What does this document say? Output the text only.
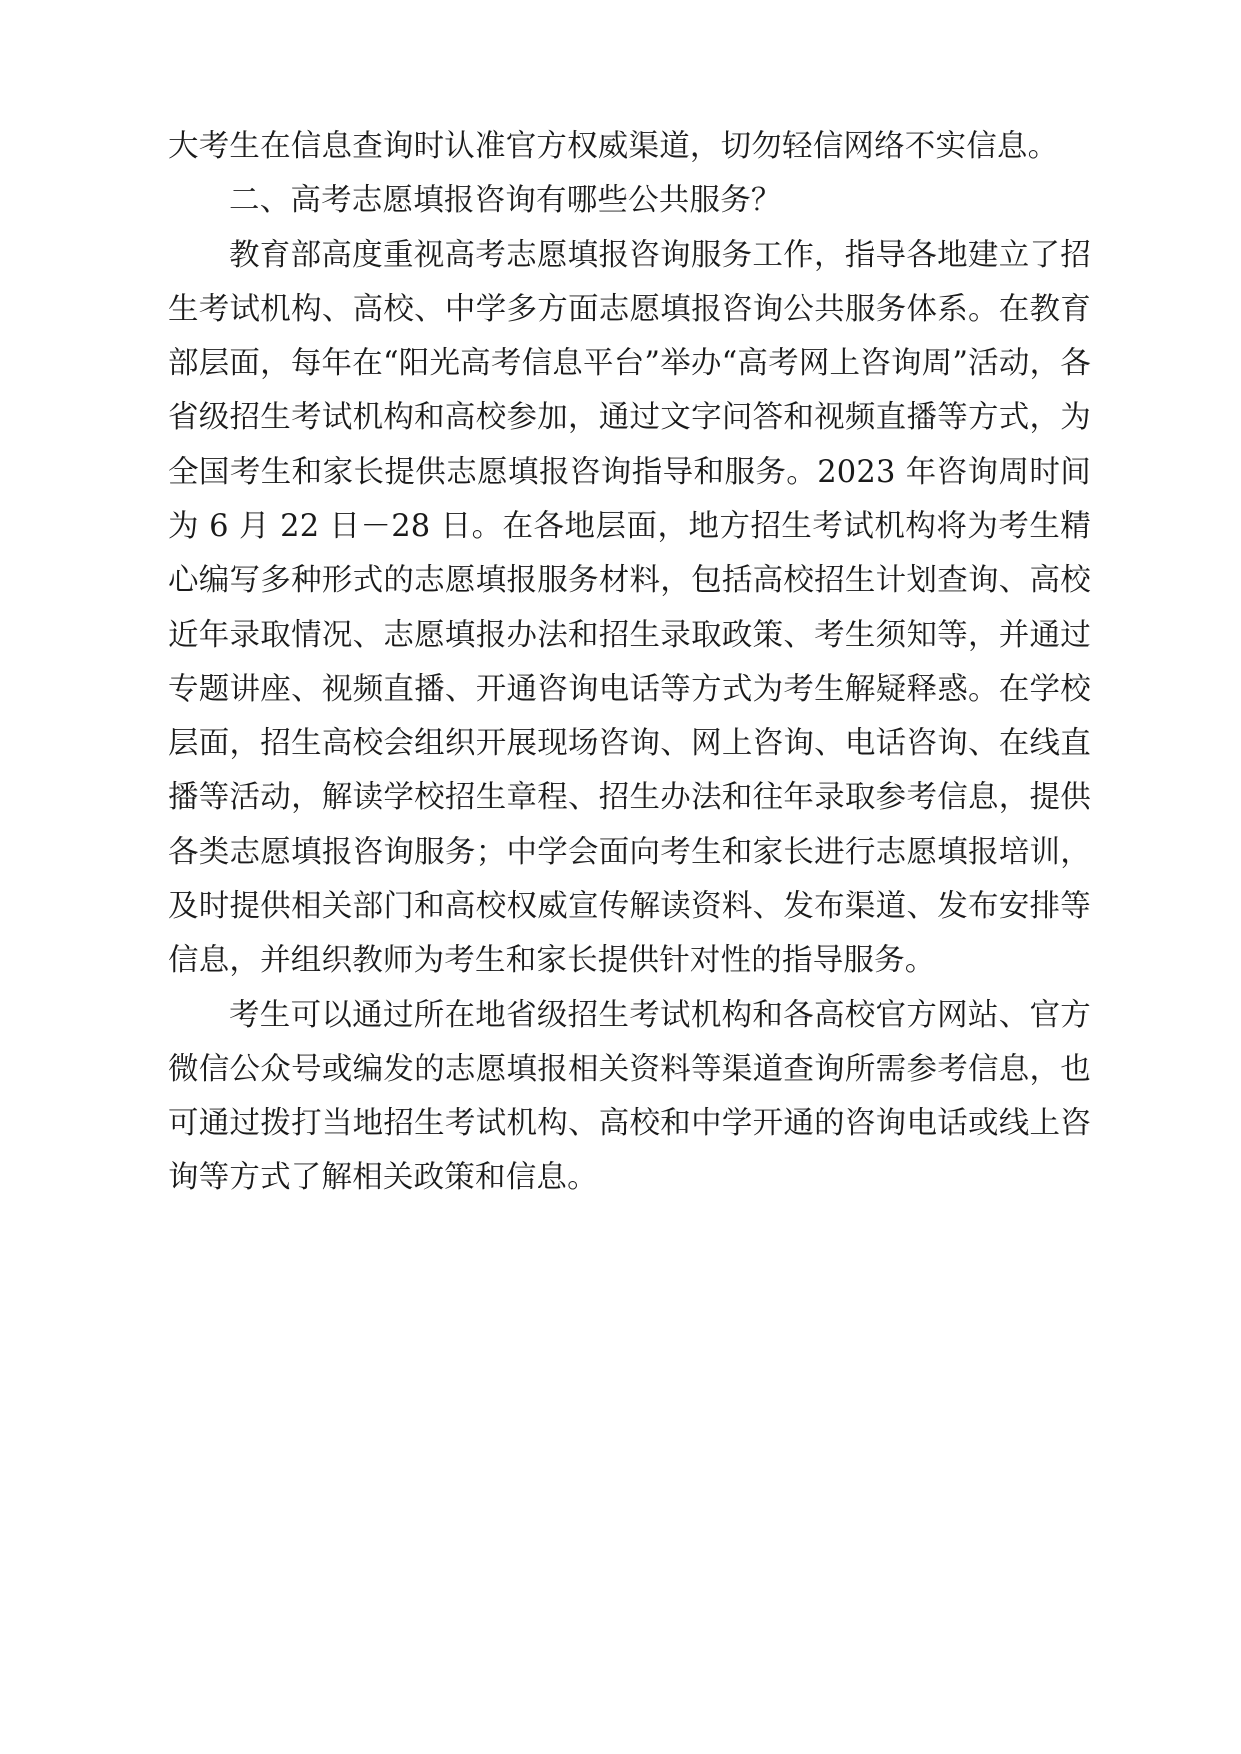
大考生在信息查询时认准官方权威渠道，切勿轻信网络不实信息。

二、高考志愿填报咨询有哪些公共服务？

教育部高度重视高考志愿填报咨询服务工作，指导各地建立了招生考试机构、高校、中学多方面志愿填报咨询公共服务体系。在教育部层面，每年在“阳光高考信息平台”举办“高考网上咨询周”活动，各省级招生考试机构和高校参加，通过文字问答和视频直播等方式，为全国考生和家长提供志愿填报咨询指导和服务。2023 年咨询周时间为 6 月 22 日－28 日。在各地层面，地方招生考试机构将为考生精心编写多种形式的志愿填报服务材料，包括高校招生计划查询、高校近年录取情况、志愿填报办法和招生录取政策、考生须知等，并通过专题讲座、视频直播、开通咨询电话等方式为考生解疑释惑。在学校层面，招生高校会组织开展现场咨询、网上咨询、电话咨询、在线直播等活动，解读学校招生章程、招生办法和往年录取参考信息，提供各类志愿填报咨询服务；中学会面向考生和家长进行志愿填报培训，及时提供相关部门和高校权威宣传解读资料、发布渠道、发布安排等信息，并组织教师为考生和家长提供针对性的指导服务。

考生可以通过所在地省级招生考试机构和各高校官方网站、官方微信公众号或编发的志愿填报相关资料等渠道查询所需参考信息，也可通过拨打当地招生考试机构、高校和中学开通的咨询电话或线上咨询等方式了解相关政策和信息。
